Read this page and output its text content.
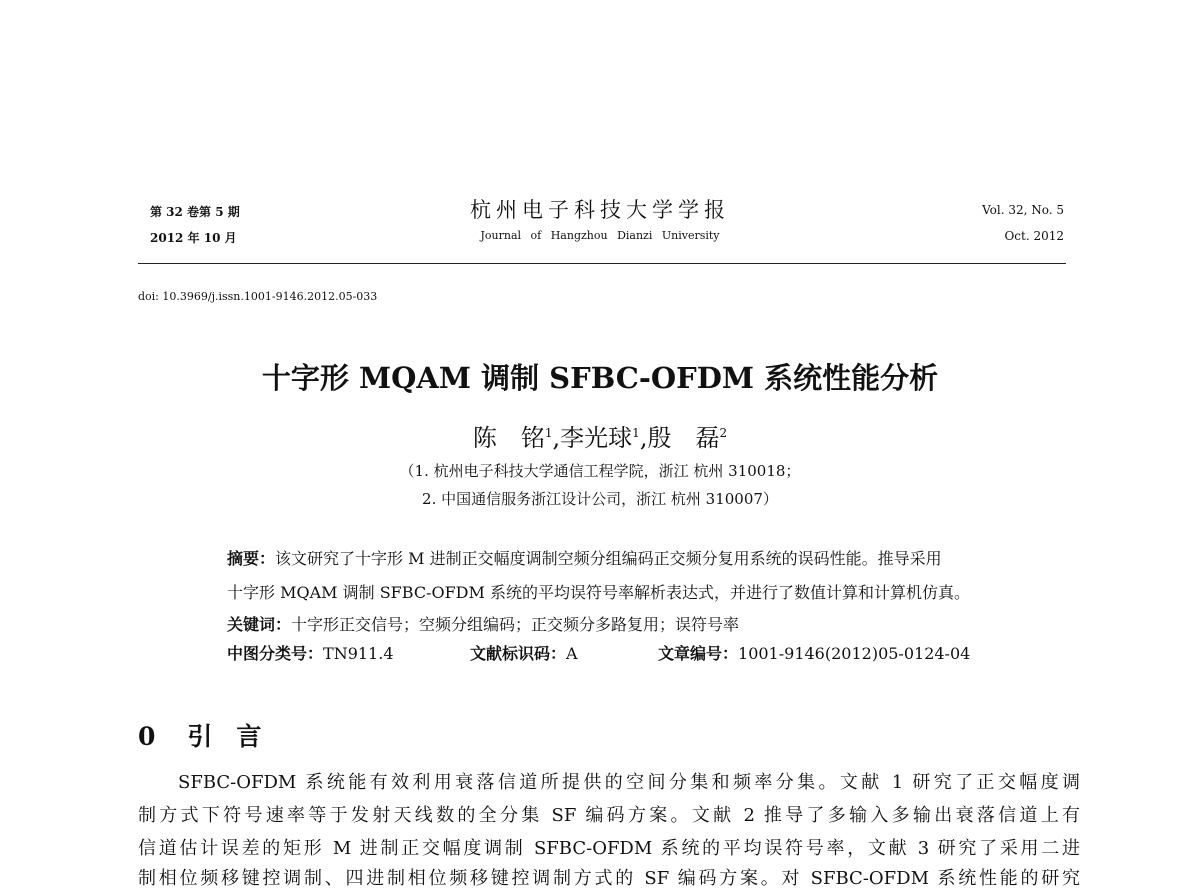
第 32 卷第 5 期
2012 年 10 月
杭州电子科技大学学报
Journal of Hangzhou Dianzi University
Vol. 32, No. 5
Oct. 2012
doi: 10.3969/j.issn.1001-9146.2012.05-033
十字形 MQAM 调制 SFBC-OFDM 系统性能分析
陈　铭$^1$,李光球$^1$,殷　磊$^2$
（1. 杭州电子科技大学通信工程学院，浙江 杭州 310018；
2. 中国通信服务浙江设计公司，浙江 杭州 310007）
摘要：该文研究了十字形 M 进制正交幅度调制空频分组编码正交频分复用系统的误码性能。推导采用
十字形 MQAM 调制 SFBC-OFDM 系统的平均误符号率解析表达式，并进行了数值计算和计算机仿真。
关键词：十字形正交信号；空频分组编码；正交频分多路复用；误符号率
中图分类号：TN911.4	文献标识码：A	文章编号：1001-9146(2012)05-0124-04
0 引 言
SFBC-OFDM 系统能有效利用衰落信道所提供的空间分集和频率分集。文献 1 研究了正交幅度调
制方式下符号速率等于发射天线数的全分集 SF 编码方案。文献 2 推导了多输入多输出衰落信道上有
信道估计误差的矩形 M 进制正交幅度调制 SFBC-OFDM 系统的平均误符号率，文献 3 研究了采用二进
制相位频移键控调制、四进制相位频移键控调制方式的 SF 编码方案。对 SFBC-OFDM 系统性能的研究
